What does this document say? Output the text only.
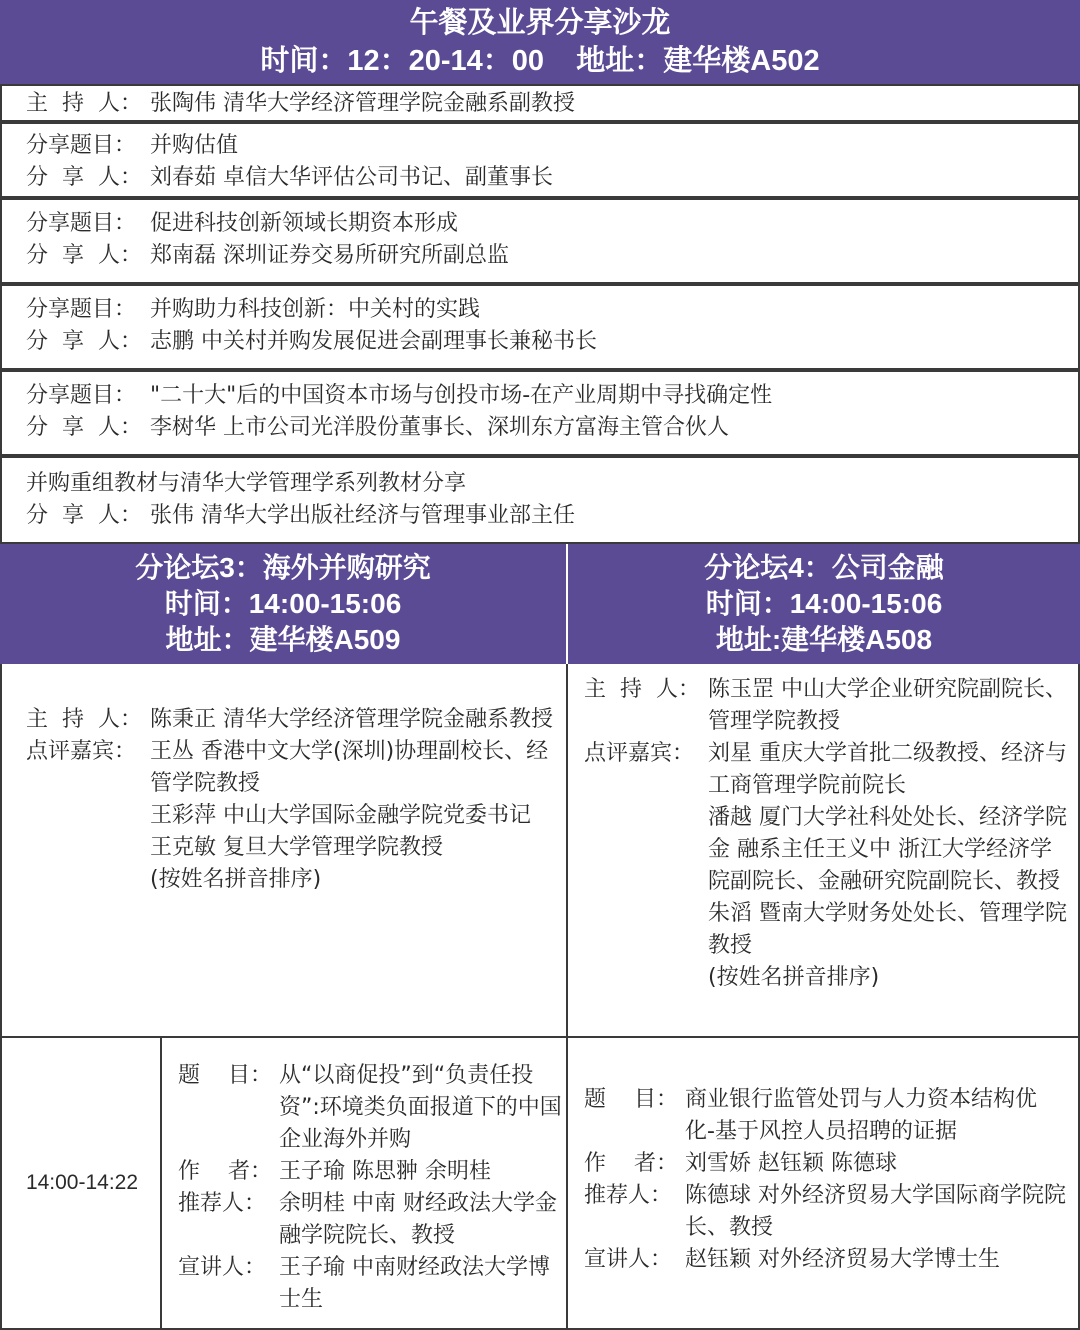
午餐及业界分享沙龙
时间：12：20-14：00    地址：建华楼A502
主  持  人： 张陶伟 清华大学经济管理学院金融系副教授
分享题目： 并购估值
分  享  人： 刘春茹 卓信大华评估公司书记、副董事长
分享题目： 促进科技创新领域长期资本形成
分  享  人： 郑南磊 深圳证券交易所研究所副总监
分享题目： 并购助力科技创新：中关村的实践
分  享  人： 志鹏 中关村并购发展促进会副理事长兼秘书长
分享题目： "二十大"后的中国资本市场与创投市场-在产业周期中寻找确定性
分  享  人： 李树华 上市公司光洋股份董事长、深圳东方富海主管合伙人
并购重组教材与清华大学管理学系列教材分享
分  享  人： 张伟 清华大学出版社经济与管理事业部主任
分论坛3：海外并购研究
时间：14:00-15:06
地址：建华楼A509
分论坛4：公司金融
时间：14:00-15:06
地址:建华楼A508
主  持  人： 陈秉正 清华大学经济管理学院金融系教授
点评嘉宾： 王丛 香港中文大学(深圳)协理副校长、经管学院教授
王彩萍 中山大学国际金融学院党委书记
王克敏 复旦大学管理学院教授
(按姓名拼音排序)
主  持  人： 陈玉罡 中山大学企业研究院副院长、管理学院教授
点评嘉宾： 刘星 重庆大学首批二级教授、经济与工商管理学院前院长
潘越 厦门大学社科处处长、经济学院金 融系主任王义中 浙江大学经济学院副院长、金融研究院副院长、教授
朱滔 暨南大学财务处处长、管理学院教授
(按姓名拼音排序)
14:00-14:22
题    目： 从“以商促投”到“负责任投资”:环境类负面报道下的中国企业海外并购
作    者： 王子瑜 陈思翀 余明桂
推荐人： 余明桂 中南 财经政法大学金融学院院长、教授
宣讲人： 王子瑜 中南财经政法大学博士生
题    目： 商业银行监管处罚与人力资本结构优 化-基于风控人员招聘的证据
作    者： 刘雪娇 赵钰颖 陈德球
推荐人： 陈德球 对外经济贸易大学国际商学院院长、教授
宣讲人： 赵钰颖 对外经济贸易大学博士生
